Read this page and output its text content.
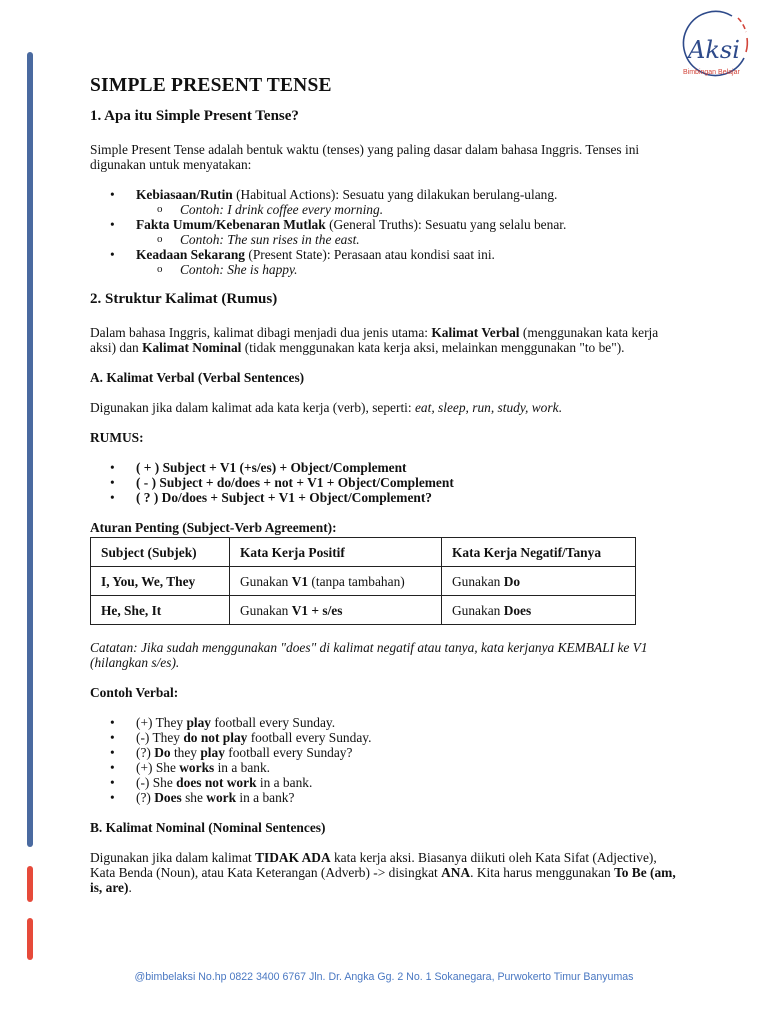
Aksi
Bimbingan Belajar
SIMPLE PRESENT TENSE
1. Apa itu Simple Present Tense?

Simple Present Tense adalah bentuk waktu (tenses) yang paling dasar dalam bahasa Inggris. Tenses ini digunakan untuk menyatakan:

• Kebiasaan/Rutin (Habitual Actions): Sesuatu yang dilakukan berulang-ulang.
o Contoh: I drink coffee every morning.
• Fakta Umum/Kebenaran Mutlak (General Truths): Sesuatu yang selalu benar.
o Contoh: The sun rises in the east.
• Keadaan Sekarang (Present State): Perasaan atau kondisi saat ini.
o Contoh: She is happy.
2. Struktur Kalimat (Rumus)

Dalam bahasa Inggris, kalimat dibagi menjadi dua jenis utama: Kalimat Verbal (menggunakan kata kerja aksi) dan Kalimat Nominal (tidak menggunakan kata kerja aksi, melainkan menggunakan "to be").

A. Kalimat Verbal (Verbal Sentences)

Digunakan jika dalam kalimat ada kata kerja (verb), seperti: eat, sleep, run, study, work.

RUMUS:

• ( + ) Subject + V1 (+s/es) + Object/Complement
• ( - ) Subject + do/does + not + V1 + Object/Complement
• ( ? ) Do/does + Subject + V1 + Object/Complement?

Aturan Penting (Subject-Verb Agreement):

Subject (Subjek)	Kata Kerja Positif	Kata Kerja Negatif/Tanya
I, You, We, They	Gunakan V1 (tanpa tambahan)	Gunakan Do
He, She, It	Gunakan V1 + s/es	Gunakan Does

Catatan: Jika sudah menggunakan "does" di kalimat negatif atau tanya, kata kerjanya KEMBALI ke V1 (hilangkan s/es).

Contoh Verbal:

• (+) They play football every Sunday.
• (-) They do not play football every Sunday.
• (?) Do they play football every Sunday?
• (+) She works in a bank.
• (-) She does not work in a bank.
• (?) Does she work in a bank?

B. Kalimat Nominal (Nominal Sentences)

Digunakan jika dalam kalimat TIDAK ADA kata kerja aksi. Biasanya diikuti oleh Kata Sifat (Adjective), Kata Benda (Noun), atau Kata Keterangan (Adverb) -> disingkat ANA. Kita harus menggunakan To Be (am, is, are).

@bimbelaksi No.hp 0822 3400 6767 Jln. Dr. Angka Gg. 2 No. 1 Sokanegara, Purwokerto Timur Banyumas
